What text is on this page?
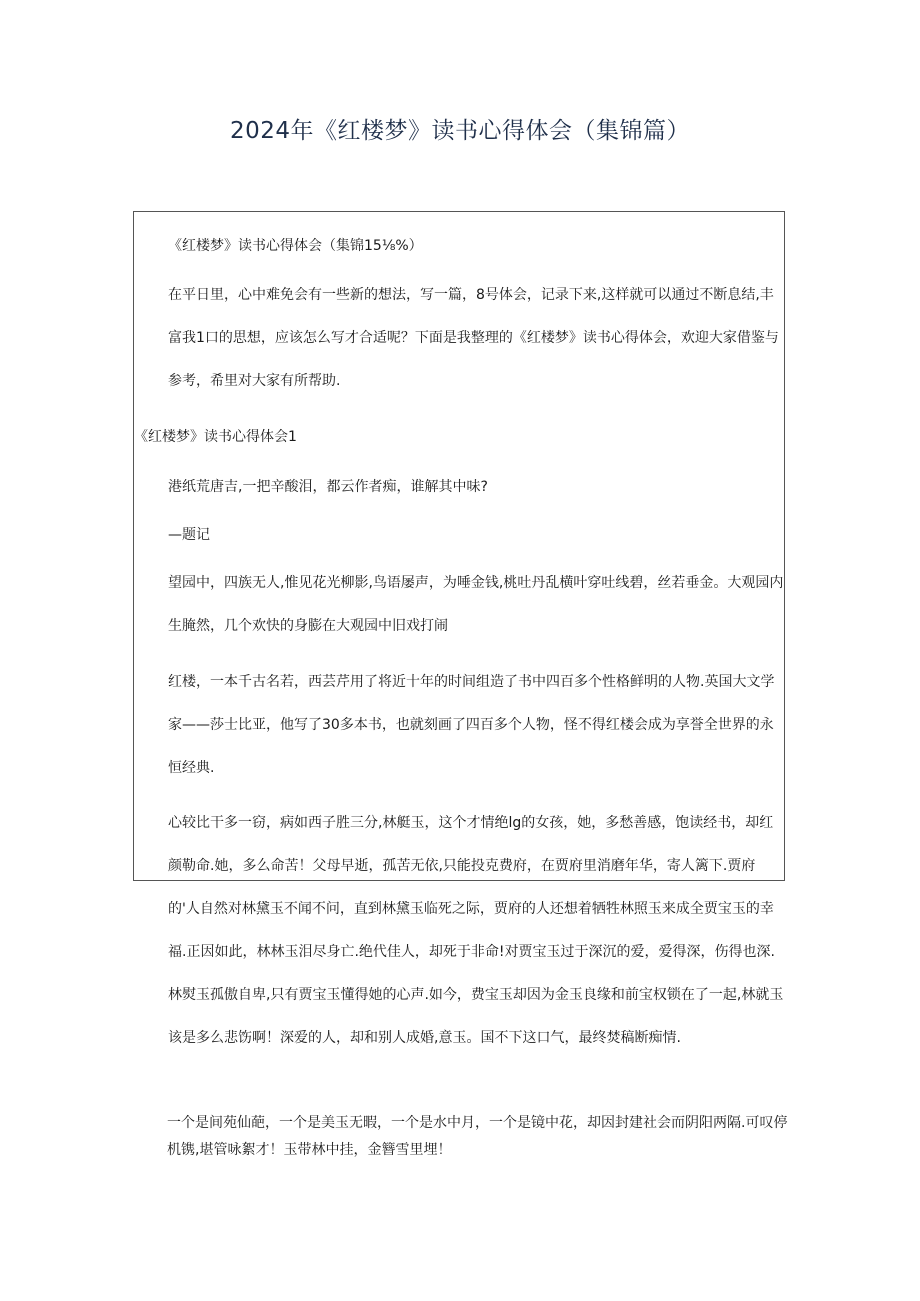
2024年《红楼梦》读书心得体会（集锦篇）

《红楼梦》读书心得体会（集锦15⅛%）

在平日里，心中难免会有一些新的想法，写一篇，8号体会，记录下来,这样就可以通过不断息结,丰富我1口的思想，应该怎么写才合适呢？下面是我整理的《红楼梦》读书心得体会，欢迎大家借鉴与参考，希里对大家有所帮助.

《红楼梦》读书心得体会1

港纸荒唐吉,一把辛酸泪，都云作者痴，谁解其中味?

—题记

望园中，四族无人,惟见花光柳影,鸟语屡声，为唾金钱,桃吐丹乱横叶穿吐线碧，丝若垂金。大观园内生腌然，几个欢快的身膨在大观园中旧戏打闹

红楼，一本千古名若，西芸芹用了将近十年的时间组造了书中四百多个性格鲜明的人物.英国大文学家——莎士比亚，他写了30多本书，也就刻画了四百多个人物，怪不得红楼会成为享誉全世界的永恒经典.

心较比干多一窃，病如西子胜三分,林艇玉，这个才情绝lg的女孩，她，多愁善感，饱读经书，却红颜勒命.她，多么命苦！父母早逝，孤苦无依,只能投克费府，在贾府里消磨年华，寄人篱下.贾府的'人自然对林黛玉不闻不问，直到林黛玉临死之际，贾府的人还想着牺牲林照玉来成全贾宝玉的幸福.正因如此，林林玉泪尽身亡.绝代佳人，却死于非命!对贾宝玉过于深沉的爱，爱得深，伤得也深.林熨玉孤傲自卑,只有贾宝玉懂得她的心声.如今，费宝玉却因为金玉良缘和前宝权锁在了一起,林就玉该是多么悲饬啊！深爱的人，却和别人成婚,意玉。国不下这口气，最终焚稿断痴情.

一个是间苑仙葩，一个是美玉无暇，一个是水中月，一个是镜中花，却因封建社会而阴阳两隔.可叹停机镌,堪管咏絮才！玉带林中挂，金簪雪里埋！
